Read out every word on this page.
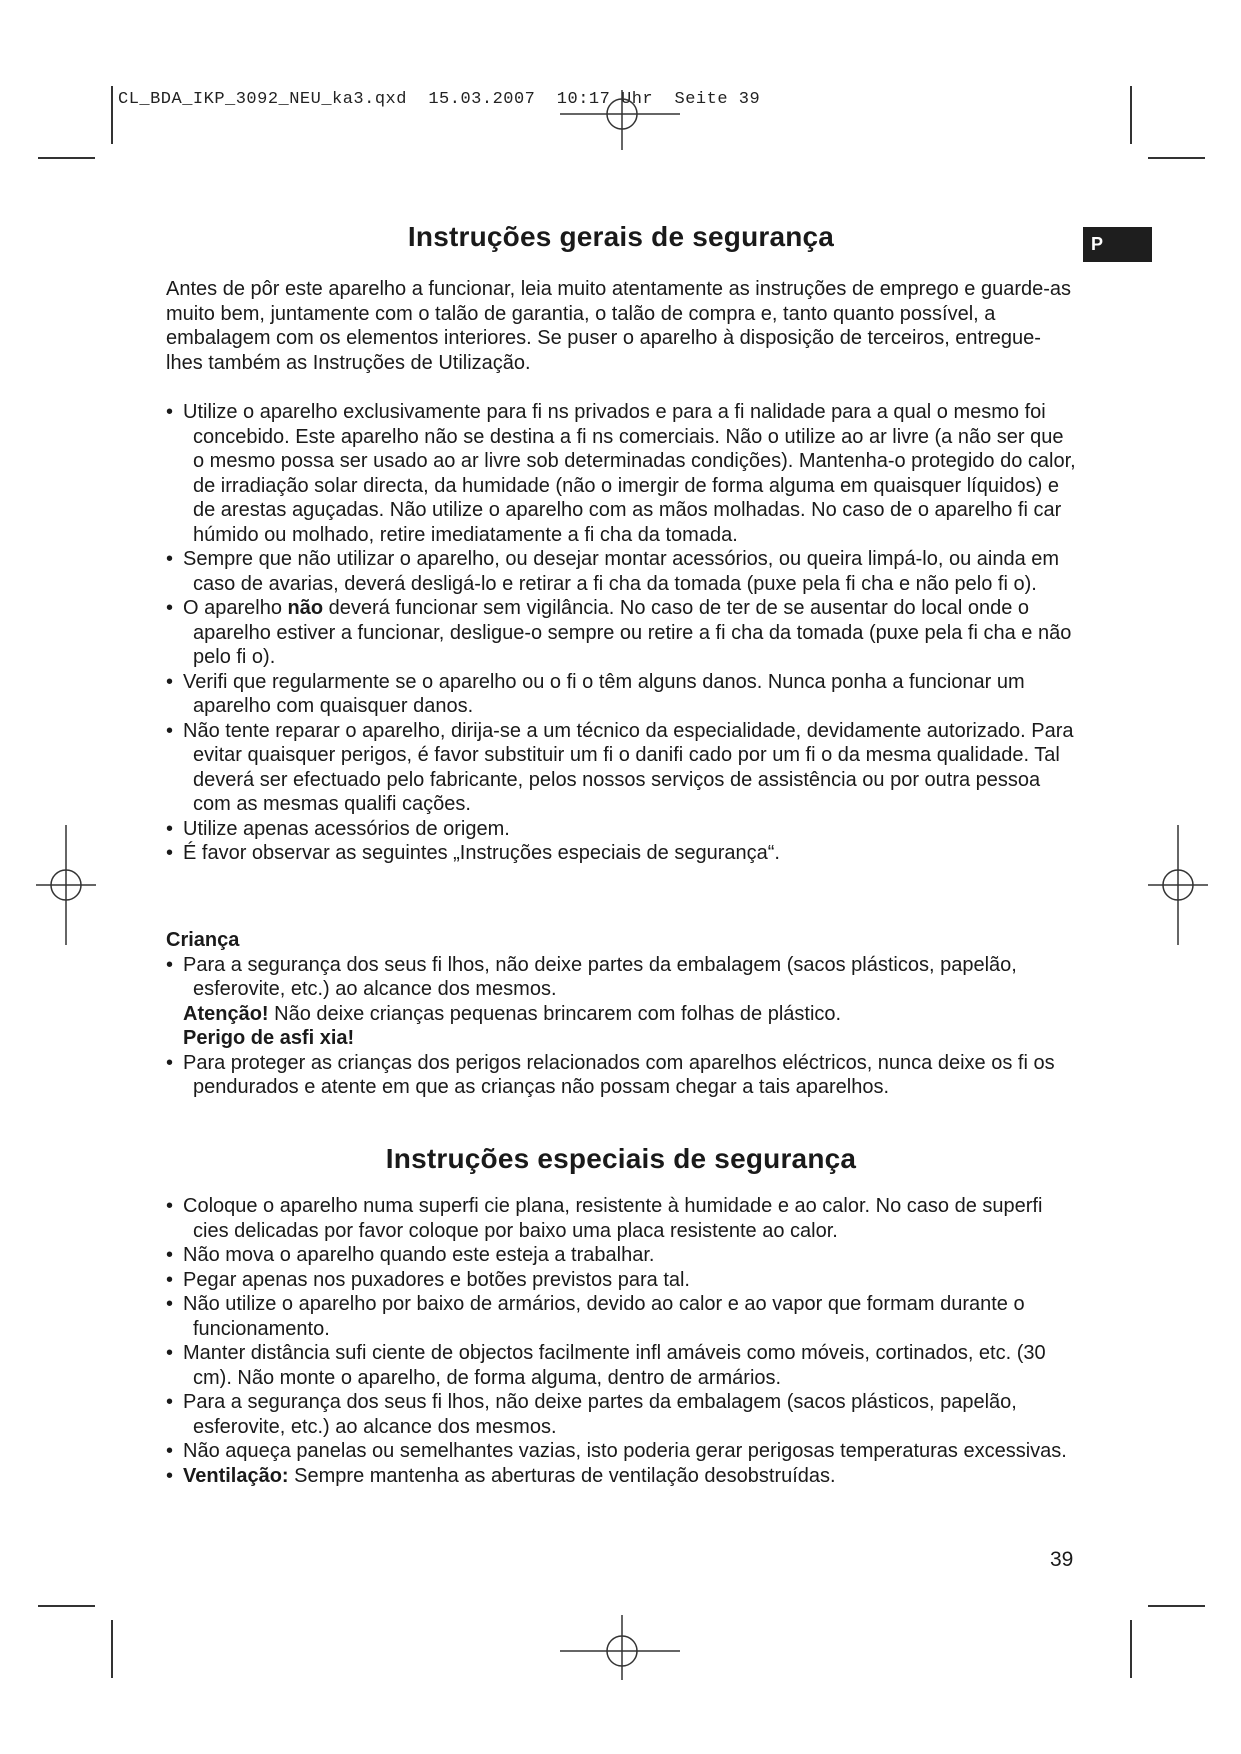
CL_BDA_IKP_3092_NEU_ka3.qxd 15.03.2007 10:17 Uhr Seite 39
P
Instruções gerais de segurança

Antes de pôr este aparelho a funcionar, leia muito atentamente as instruções de emprego e guarde-as muito bem, juntamente com o talão de garantia, o talão de compra e, tanto quanto possível, a embalagem com os elementos interiores. Se puser o aparelho à disposição de terceiros, entregue-lhes também as Instruções de Utilização.

• Utilize o aparelho exclusivamente para fi ns privados e para a fi nalidade para a qual o mesmo foi concebido. Este aparelho não se destina a fi ns comerciais. Não o utilize ao ar livre (a não ser que o mesmo possa ser usado ao ar livre sob determinadas condições). Mantenha-o protegido do calor, de irradiação solar directa, da humidade (não o imergir de forma alguma em quaisquer líquidos) e de arestas aguçadas. Não utilize o aparelho com as mãos molhadas. No caso de o aparelho fi car húmido ou molhado, retire imediatamente a fi cha da tomada.
• Sempre que não utilizar o aparelho, ou desejar montar acessórios, ou queira limpá-lo, ou ainda em caso de avarias, deverá desligá-lo e retirar a fi cha da tomada (puxe pela fi cha e não pelo fi o).
• O aparelho não deverá funcionar sem vigilância. No caso de ter de se ausentar do local onde o aparelho estiver a funcionar, desligue-o sempre ou retire a fi cha da tomada (puxe pela fi cha e não pelo fi o).
• Verifi que regularmente se o aparelho ou o fi o têm alguns danos. Nunca ponha a funcionar um aparelho com quaisquer danos.
• Não tente reparar o aparelho, dirija-se a um técnico da especialidade, devidamente autorizado. Para evitar quaisquer perigos, é favor substituir um fi o danifi cado por um fi o da mesma qualidade. Tal deverá ser efectuado pelo fabricante, pelos nossos serviços de assistência ou por outra pessoa com as mesmas qualifi cações.
• Utilize apenas acessórios de origem.
• É favor observar as seguintes „Instruções especiais de segurança“.

Criança

• Para a segurança dos seus fi lhos, não deixe partes da embalagem (sacos plásticos, papelão, esferovite, etc.) ao alcance dos mesmos.
Atenção! Não deixe crianças pequenas brincarem com folhas de plástico.
Perigo de asfi xia!
• Para proteger as crianças dos perigos relacionados com aparelhos eléctricos, nunca deixe os fi os pendurados e atente em que as crianças não possam chegar a tais aparelhos.
Instruções especiais de segurança
• Coloque o aparelho numa superfi cie plana, resistente à humidade e ao calor. No caso de superfi cies delicadas por favor coloque por baixo uma placa resistente ao calor.
• Não mova o aparelho quando este esteja a trabalhar.
• Pegar apenas nos puxadores e botões previstos para tal.
• Não utilize o aparelho por baixo de armários, devido ao calor e ao vapor que formam durante o funcionamento.
• Manter distância sufi ciente de objectos facilmente infl amáveis como móveis, cortinados, etc. (30 cm). Não monte o aparelho, de forma alguma, dentro de armários.
• Para a segurança dos seus fi lhos, não deixe partes da embalagem (sacos plásticos, papelão, esferovite, etc.) ao alcance dos mesmos.
• Não aqueça panelas ou semelhantes vazias, isto poderia gerar perigosas temperaturas excessivas.
• Ventilação: Sempre mantenha as aberturas de ventilação desobstruídas.
39
